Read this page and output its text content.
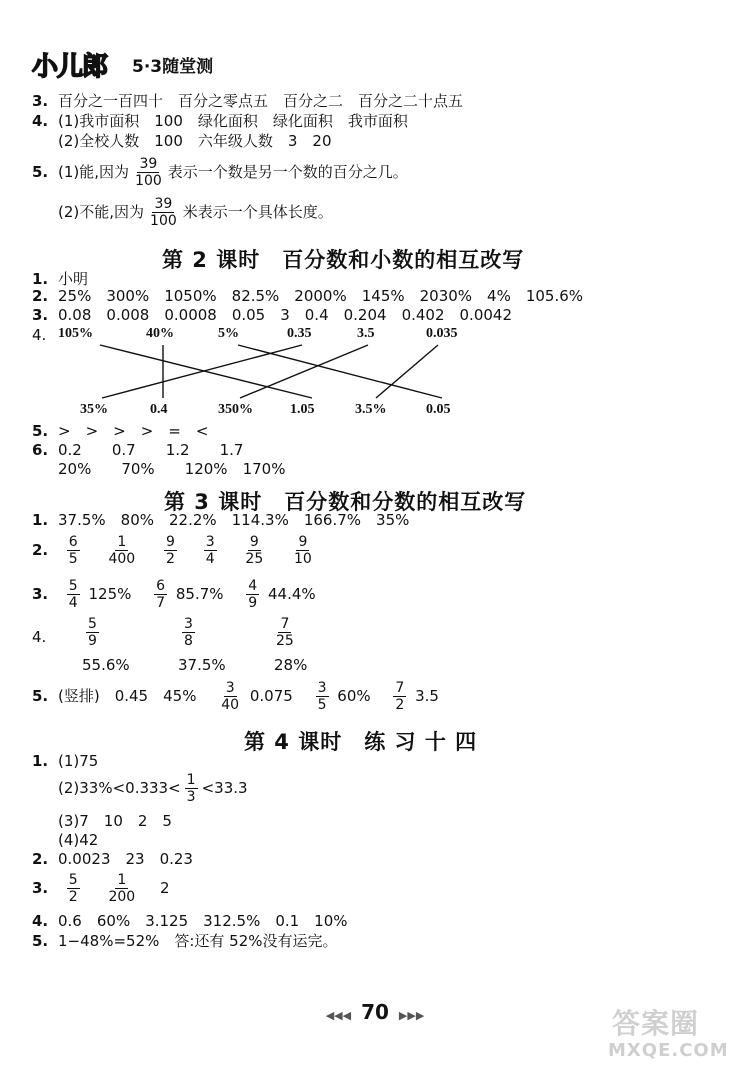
小儿郎 5·3随堂测
3. 百分之一百四十　百分之零点五　百分之二　百分之二十点五
4. (1)我市面积　100　绿化面积　绿化面积　我市面积
(2)全校人数　100　六年级人数　3　20
5. (1)能,因为 $\frac{39}{100}$ 表示一个数是另一个数的百分之几。
(2)不能,因为 $\frac{39}{100}$ 米表示一个具体长度。
第 2 课时　百分数和小数的相互改写
1. 小明
2. 25%　300%　1050%　82.5%　2000%　145%　2030%　4%　105.6%
3. 0.08　0.008　0.0008　0.05　3　0.4　0.204　0.402　0.0042
4. 105%	40%	5%	0.35	3.5	0.035
35%	0.4	350%	1.05	3.5%	0.05
5. >　>　>　>　=　<
6. 0.2　　0.7　　1.2　　1.7
20%　　70%　　120%　170%
第 3 课时　百分数和分数的相互改写
1. 37.5%　80%　22.2%　114.3%　166.7%　35%
2. $\frac{6}{5}$
$\frac{1}{400}$
$\frac{9}{2}$
$\frac{3}{4}$
$\frac{9}{25}$
$\frac{9}{10}$
3. $\frac{5}{4} 125\% \frac{6}{7} 85.7\% \frac{4}{9} 44.4\%$
4.	$\frac{5}{9}$	$\frac{3}{8}$	$\frac{7}{25}$
55.6%	37.5%	28%
5. (竖排)　0.45　$45\% \frac{3}{40} 0.075 \frac{3}{5} 60\% \frac{7}{2} 3.5$
第 4 课时　练 习 十 四
1. (1)75
$(2)33\%<0.333< \frac{1}{3} <33.3$
(3)7　10　2　5
(4)42
2. 0.0023　23　0.23
3. $\frac{5}{2}$
$\frac{1}{200} 2$
4. 0.6　60%　3.125　312.5%　0.1　10%
5. 1−48%=52%　答:还有 52%没有运完。
◀◀◀ 70 ▶▶▶	答案圈
MXQE.COM
